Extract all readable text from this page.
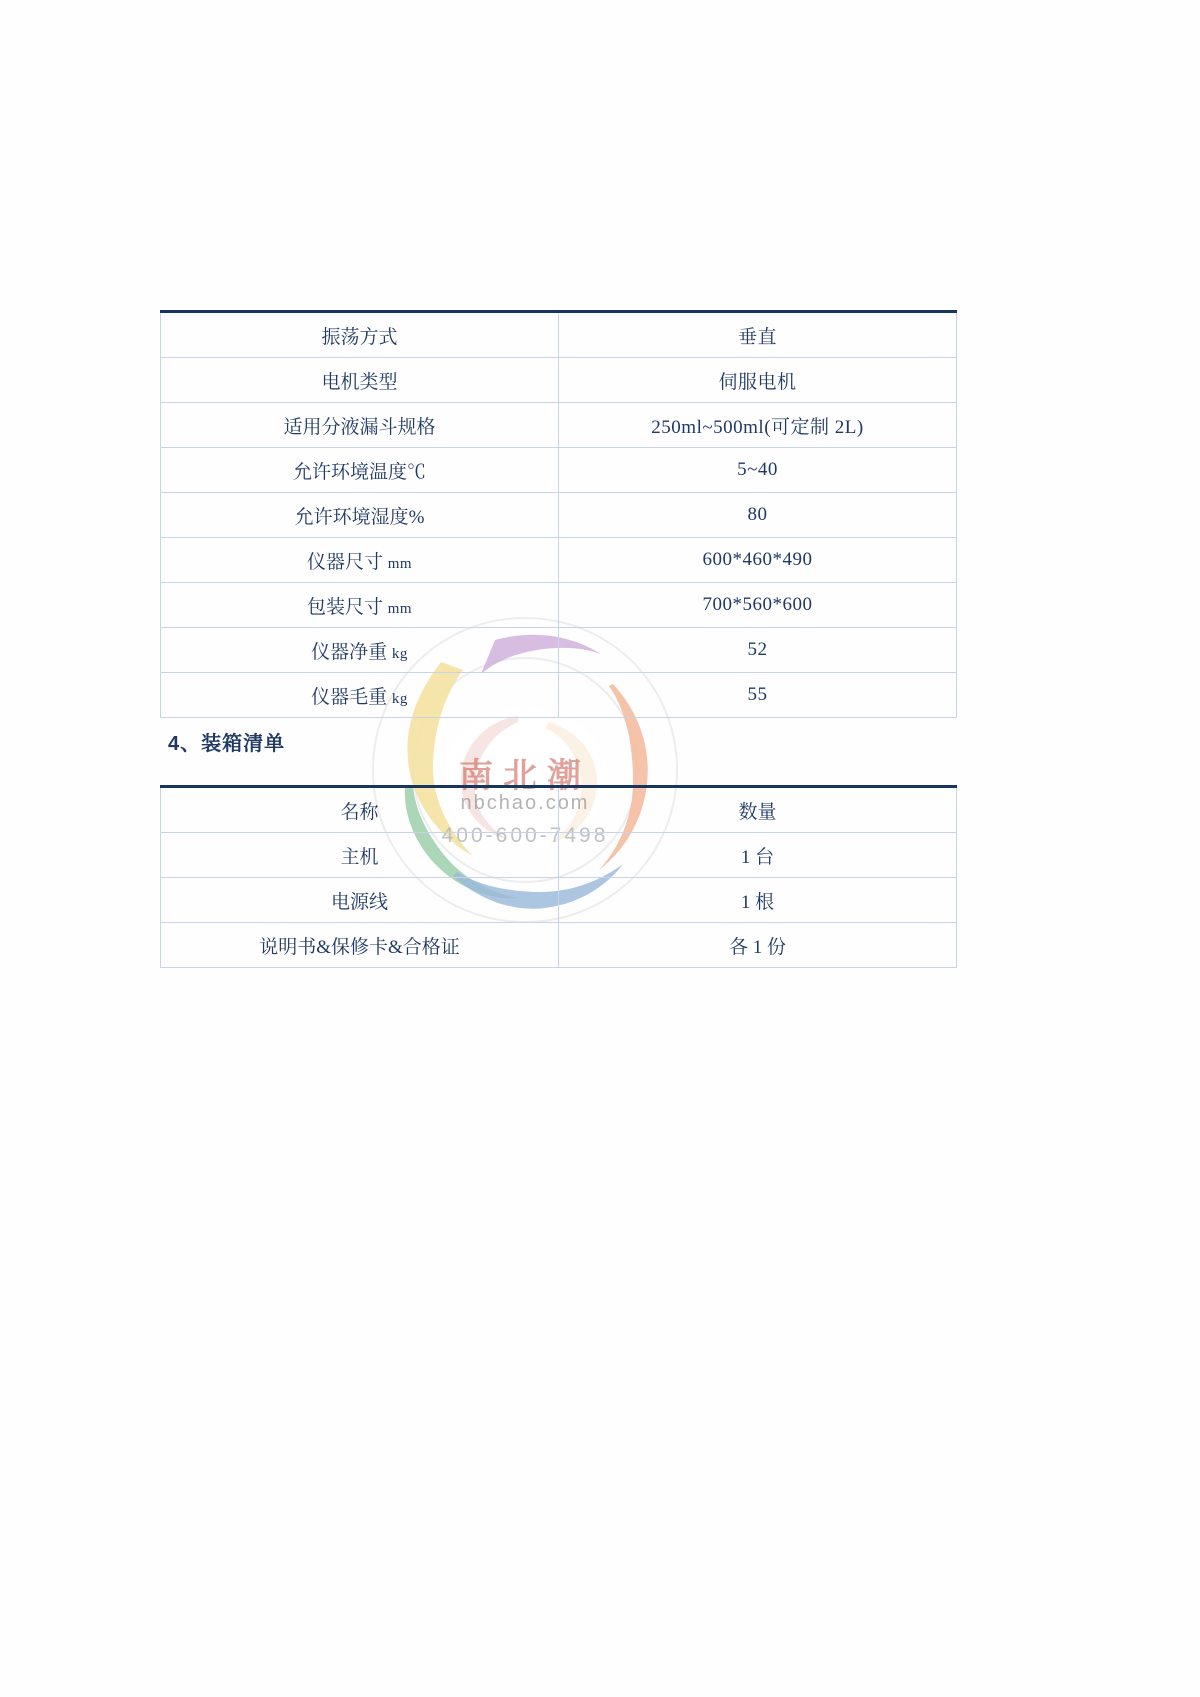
南北潮
nbchao.com
400-600-7498
振荡方式	垂直
电机类型	伺服电机
适用分液漏斗规格	250ml~500ml(可定制 2L)
允许环境温度℃	5~40
允许环境湿度%	80
仪器尺寸 mm	600*460*490
包装尺寸 mm	700*560*600
仪器净重 kg	52
仪器毛重 kg	55
4、装箱清单
名称	数量
主机	1 台
电源线	1 根
说明书&保修卡&合格证	各 1 份
